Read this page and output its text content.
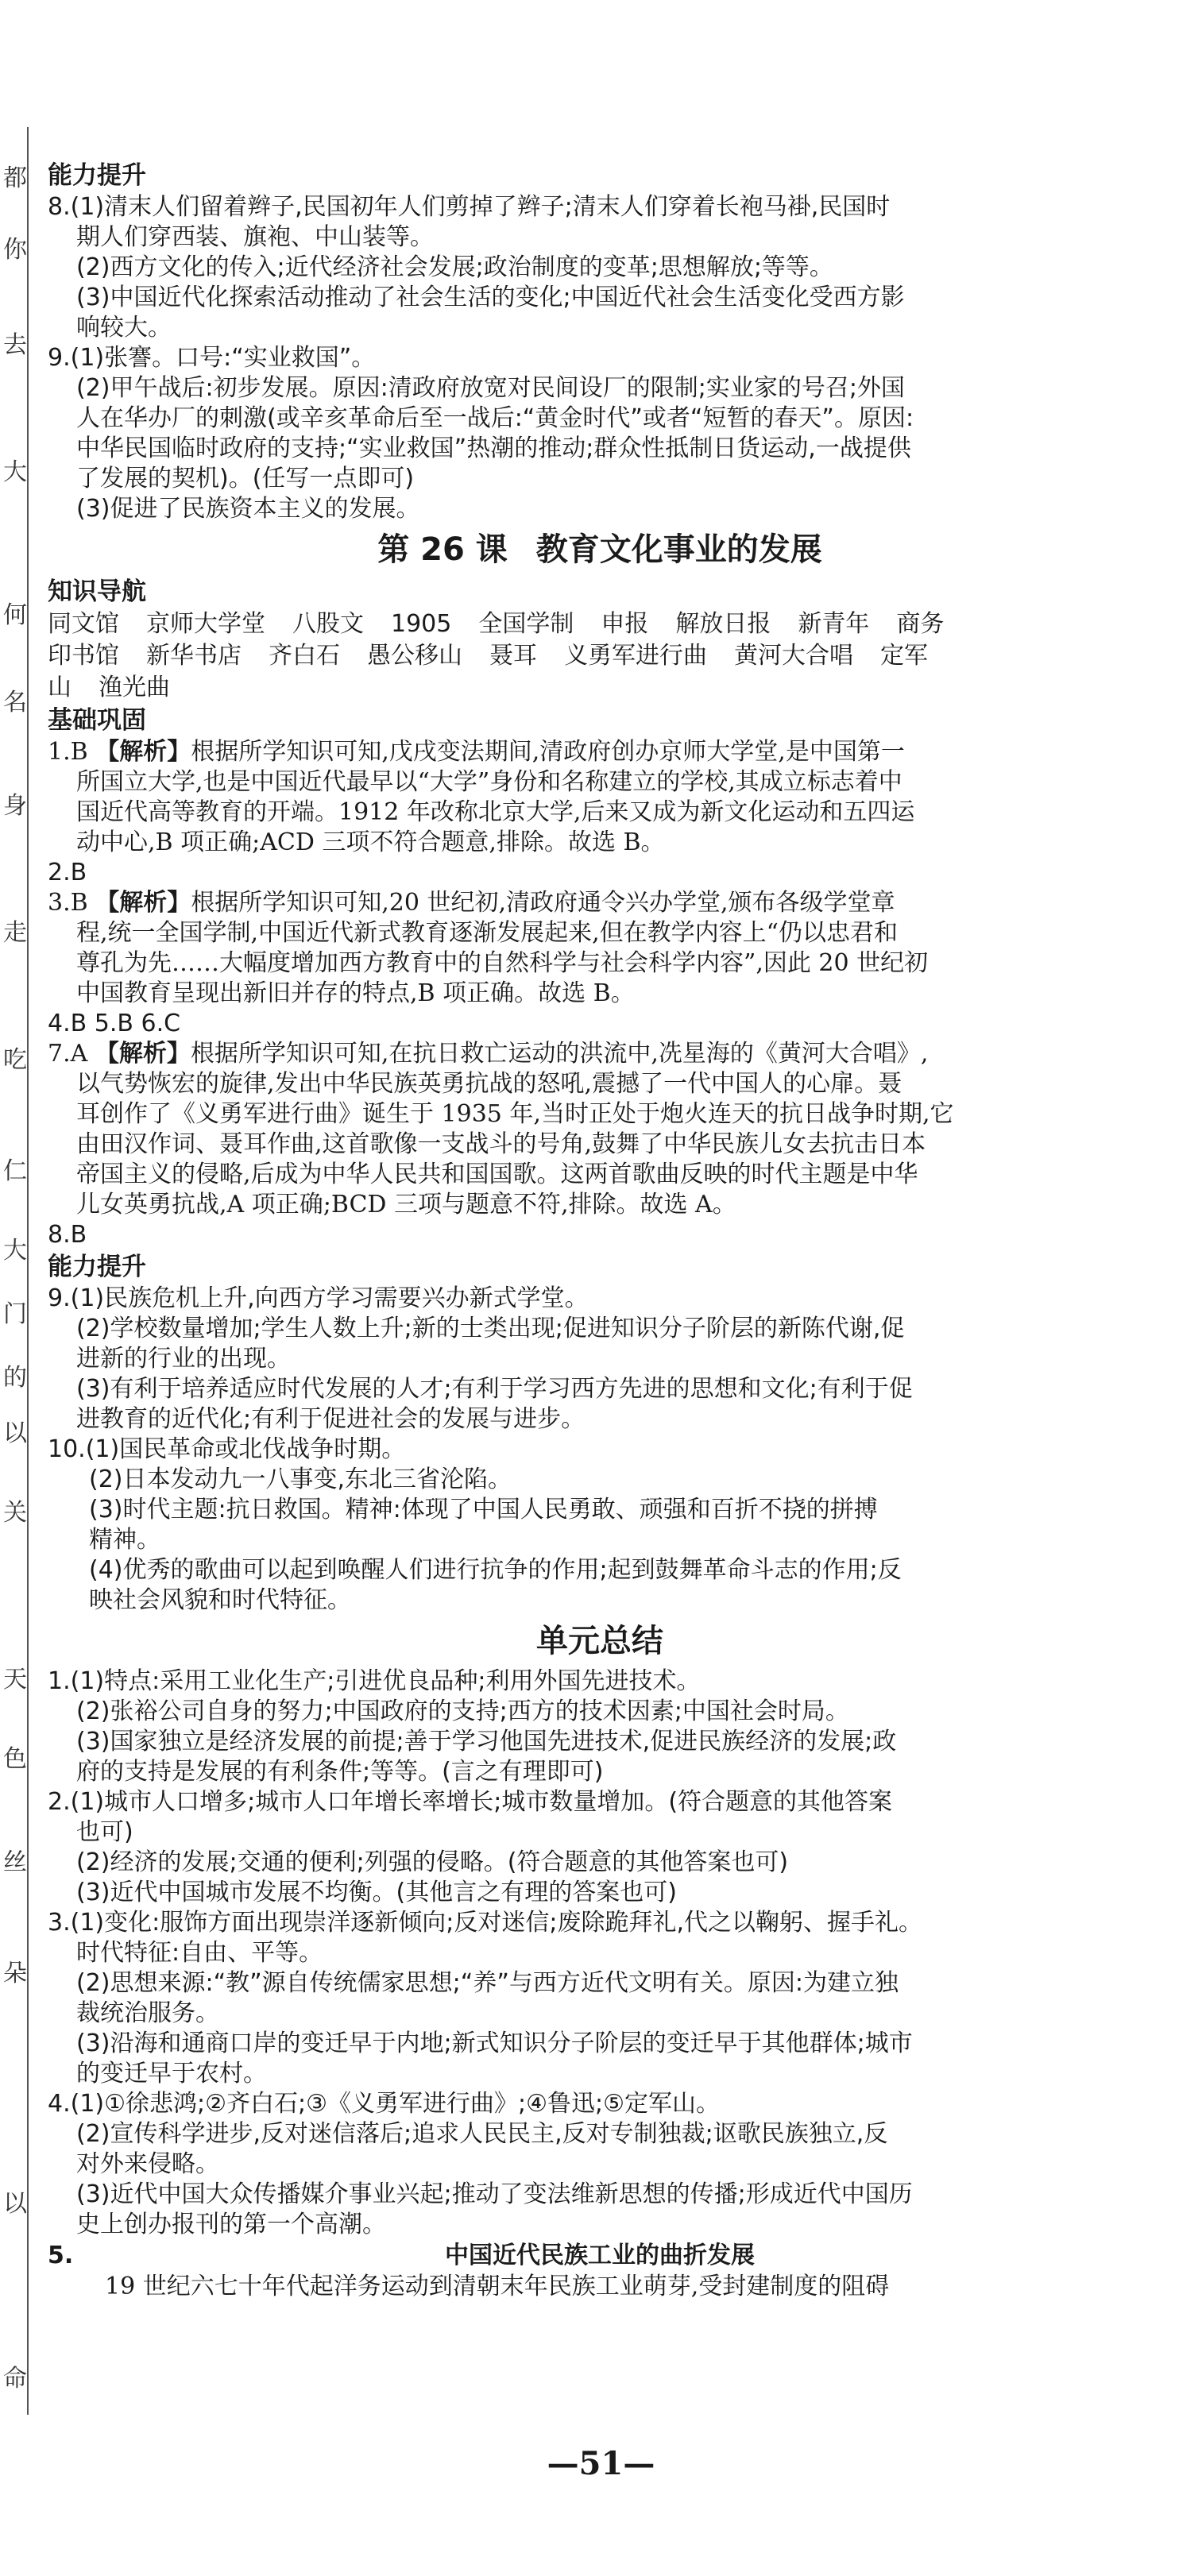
都
你
去
大
何
名
身
走
吃
仁
大
门
的
以
关
天
色
丝
朵
以
命
能力提升
8.(1)清末人们留着辫子,民国初年人们剪掉了辫子;清末人们穿着长袍马褂,民国时
期人们穿西装、旗袍、中山装等。
(2)西方文化的传入;近代经济社会发展;政治制度的变革;思想解放;等等。
(3)中国近代化探索活动推动了社会生活的变化;中国近代社会生活变化受西方影
响较大。
9.(1)张謇。口号:“实业救国”。
(2)甲午战后:初步发展。原因:清政府放宽对民间设厂的限制;实业家的号召;外国
人在华办厂的刺激(或辛亥革命后至一战后:“黄金时代”或者“短暂的春天”。原因:
中华民国临时政府的支持;“实业救国”热潮的推动;群众性抵制日货运动,一战提供
了发展的契机)。(任写一点即可)
(3)促进了民族资本主义的发展。
第 26 课 教育文化事业的发展
知识导航
同文馆 京师大学堂 八股文 1905 全国学制 申报 解放日报 新青年 商务
印书馆 新华书店 齐白石 愚公移山 聂耳 义勇军进行曲 黄河大合唱 定军
山 渔光曲
基础巩固
1.B 【解析】根据所学知识可知,戊戌变法期间,清政府创办京师大学堂,是中国第一
所国立大学,也是中国近代最早以“大学”身份和名称建立的学校,其成立标志着中
国近代高等教育的开端。1912 年改称北京大学,后来又成为新文化运动和五四运
动中心,B 项正确;ACD 三项不符合题意,排除。故选 B。
2.B
3.B 【解析】根据所学知识可知,20 世纪初,清政府通令兴办学堂,颁布各级学堂章
程,统一全国学制,中国近代新式教育逐渐发展起来,但在教学内容上“仍以忠君和
尊孔为先……大幅度增加西方教育中的自然科学与社会科学内容”,因此 20 世纪初
中国教育呈现出新旧并存的特点,B 项正确。故选 B。
4.B 5.B 6.C
7.A 【解析】根据所学知识可知,在抗日救亡运动的洪流中,冼星海的《黄河大合唱》,
以气势恢宏的旋律,发出中华民族英勇抗战的怒吼,震撼了一代中国人的心扉。聂
耳创作了《义勇军进行曲》诞生于 1935 年,当时正处于炮火连天的抗日战争时期,它
由田汉作词、聂耳作曲,这首歌像一支战斗的号角,鼓舞了中华民族儿女去抗击日本
帝国主义的侵略,后成为中华人民共和国国歌。这两首歌曲反映的时代主题是中华
儿女英勇抗战,A 项正确;BCD 三项与题意不符,排除。故选 A。
8.B
能力提升
9.(1)民族危机上升,向西方学习需要兴办新式学堂。
(2)学校数量增加;学生人数上升;新的士类出现;促进知识分子阶层的新陈代谢,促
进新的行业的出现。
(3)有利于培养适应时代发展的人才;有利于学习西方先进的思想和文化;有利于促
进教育的近代化;有利于促进社会的发展与进步。
10.(1)国民革命或北伐战争时期。
(2)日本发动九一八事变,东北三省沦陷。
(3)时代主题:抗日救国。精神:体现了中国人民勇敢、顽强和百折不挠的拼搏
精神。
(4)优秀的歌曲可以起到唤醒人们进行抗争的作用;起到鼓舞革命斗志的作用;反
映社会风貌和时代特征。
单元总结
1.(1)特点:采用工业化生产;引进优良品种;利用外国先进技术。
(2)张裕公司自身的努力;中国政府的支持;西方的技术因素;中国社会时局。
(3)国家独立是经济发展的前提;善于学习他国先进技术,促进民族经济的发展;政
府的支持是发展的有利条件;等等。(言之有理即可)
2.(1)城市人口增多;城市人口年增长率增长;城市数量增加。(符合题意的其他答案
也可)
(2)经济的发展;交通的便利;列强的侵略。(符合题意的其他答案也可)
(3)近代中国城市发展不均衡。(其他言之有理的答案也可)
3.(1)变化:服饰方面出现崇洋逐新倾向;反对迷信;废除跪拜礼,代之以鞠躬、握手礼。
时代特征:自由、平等。
(2)思想来源:“教”源自传统儒家思想;“养”与西方近代文明有关。原因:为建立独
裁统治服务。
(3)沿海和通商口岸的变迁早于内地;新式知识分子阶层的变迁早于其他群体;城市
的变迁早于农村。
4.(1)①徐悲鸿;②齐白石;③《义勇军进行曲》;④鲁迅;⑤定军山。
(2)宣传科学进步,反对迷信落后;追求人民民主,反对专制独裁;讴歌民族独立,反
对外来侵略。
(3)近代中国大众传播媒介事业兴起;推动了变法维新思想的传播;形成近代中国历
史上创办报刊的第一个高潮。
5.	中国近代民族工业的曲折发展
19 世纪六七十年代起洋务运动到清朝末年民族工业萌芽,受封建制度的阻碍
—51—
